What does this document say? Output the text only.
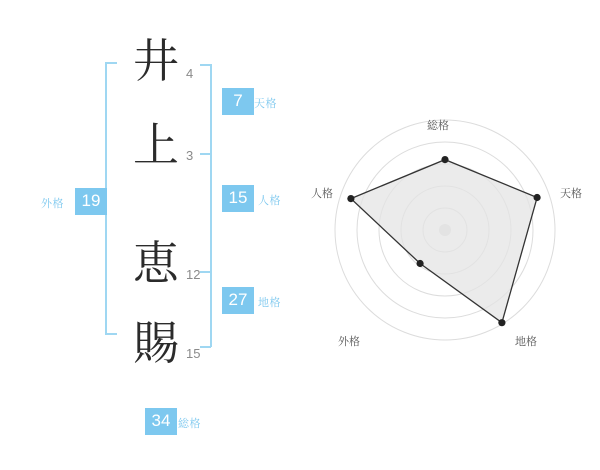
井
上
恵
賜
4
3
12
15
7	天格
15 人格
27 地格
19
外格
34 総格
総格
天格
地格
外格
人格
